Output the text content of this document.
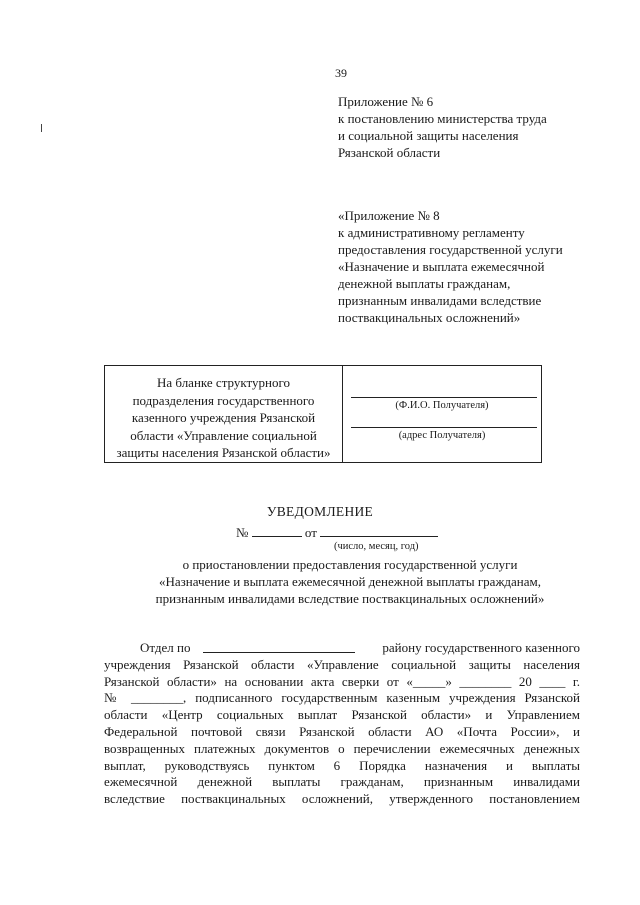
39
Приложение № 6
к постановлению министерства труда
и социальной защиты населения
Рязанской области
«Приложение № 8
к административному регламенту
предоставления государственной услуги
«Назначение и выплата ежемесячной
денежной выплаты гражданам,
признанным инвалидами вследствие
поствакцинальных осложнений»
На бланке структурного
подразделения государственного
казенного учреждения Рязанской
области «Управление социальной
защиты населения Рязанской области»
(Ф.И.О. Получателя)
(адрес Получателя)
УВЕДОМЛЕНИЕ
№	от
(число, месяц, год)
о приостановлении предоставления государственной услуги
«Назначение и выплата ежемесячной денежной выплаты гражданам,
признанным инвалидами вследствие поствакцинальных осложнений»
Отдел по	району государственного казенного
учреждения Рязанской области «Управление социальной защиты населения
Рязанской области» на основании акта сверки от «_____» ________ 20 ____ г.
№ ________, подписанного государственным казенным учреждения Рязанской
области «Центр социальных выплат Рязанской области» и Управлением
Федеральной почтовой связи Рязанской области АО «Почта России», и
возвращенных платежных документов о перечислении ежемесячных денежных
выплат, руководствуясь пунктом 6 Порядка назначения и выплаты
ежемесячной денежной выплаты гражданам, признанным инвалидами
вследствие поствакцинальных осложнений, утвержденного постановлением
